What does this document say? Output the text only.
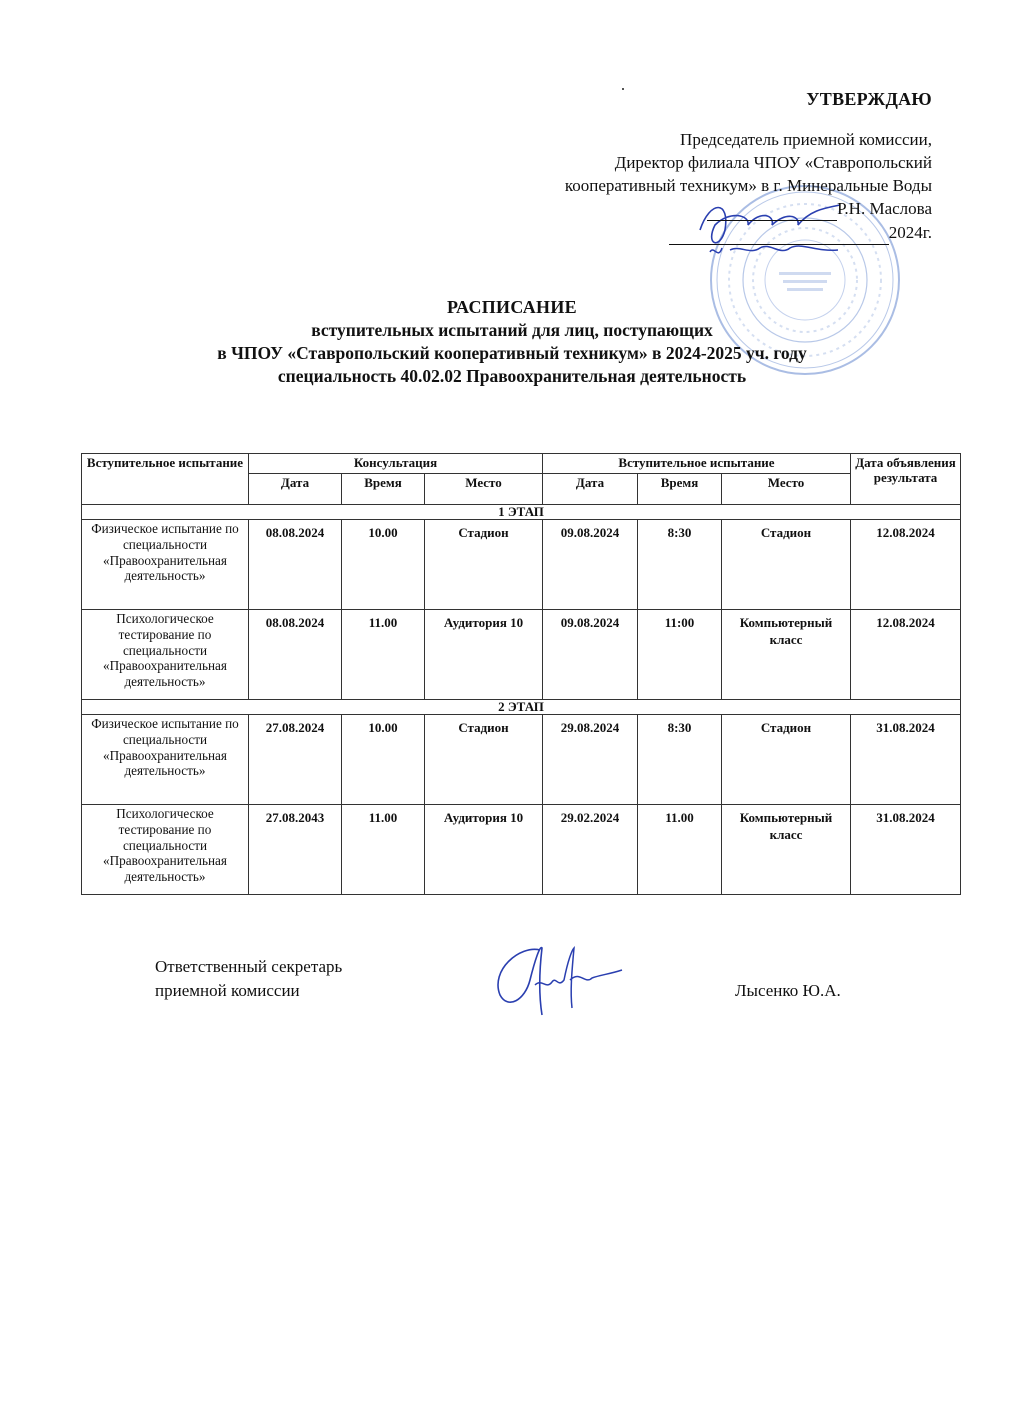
УТВЕРЖДАЮ
Председатель приемной комиссии,
Директор филиала ЧПОУ «Ставропольский
кооперативный техникум» в г. Минеральные Воды
Р.Н. Маслова
2024г.
РАСПИСАНИЕ
вступительных испытаний для лиц, поступающих
в ЧПОУ «Ставропольский кооперативный техникум» в 2024-2025 уч. году
специальность 40.02.02 Правоохранительная деятельность
Вступительное испытание	Консультация			Вступительное испытание			Дата объявления результата
	Дата	Время	Место	Дата	Время	Место	
1 ЭТАП							
Физическое испытание по специальности «Правоохранительная деятельность»	08.08.2024	10.00	Стадион	09.08.2024	8:30	Стадион	12.08.2024
Психологическое тестирование по специальности «Правоохранительная деятельность»	08.08.2024	11.00	Аудитория 10	09.08.2024	11:00	Компьютерный класс	12.08.2024
2 ЭТАП							
Физическое испытание по специальности «Правоохранительная деятельность»	27.08.2024	10.00	Стадион	29.08.2024	8:30	Стадион	31.08.2024
Психологическое тестирование по специальности «Правоохранительная деятельность»	27.08.2043	11.00	Аудитория 10	29.02.2024	11.00	Компьютерный класс	31.08.2024
Ответственный секретарь
приемной комиссии	Лысенко Ю.А.
